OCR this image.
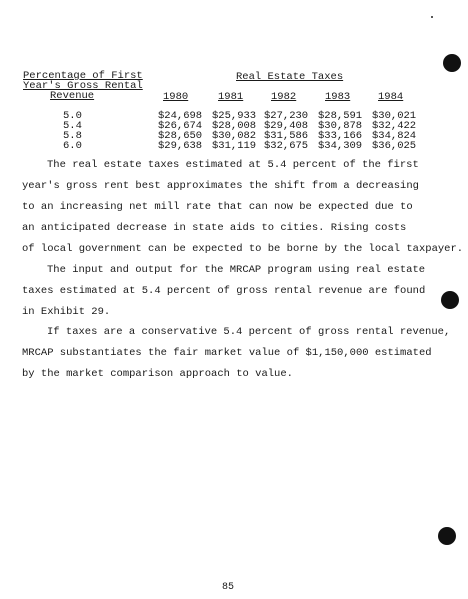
Percentage of First
Year's Gross Rental
Revenue
Real Estate Taxes
1980	1981	1982	1983	1984
5.0	$24,698 $25,933 $27,230 $28,591 $30,021
5.4	$26,674 $28,008 $29,408 $30,878 $32,422
5.8	$28,650 $30,082 $31,586 $33,166 $34,824
6.0	$29,638 $31,119 $32,675 $34,309 $36,025
The real estate taxes estimated at 5.4 percent of the first
year's gross rent best approximates the shift from a decreasing
to an increasing net mill rate that can now be expected due to
an anticipated decrease in state aids to cities. Rising costs
of local government can be expected to be borne by the local taxpayer.
The input and output for the MRCAP program using real estate
taxes estimated at 5.4 percent of gross rental revenue are found
in Exhibit 29.
If taxes are a conservative 5.4 percent of gross rental revenue,
MRCAP substantiates the fair market value of $1,150,000 estimated
by the market comparison approach to value.
85
